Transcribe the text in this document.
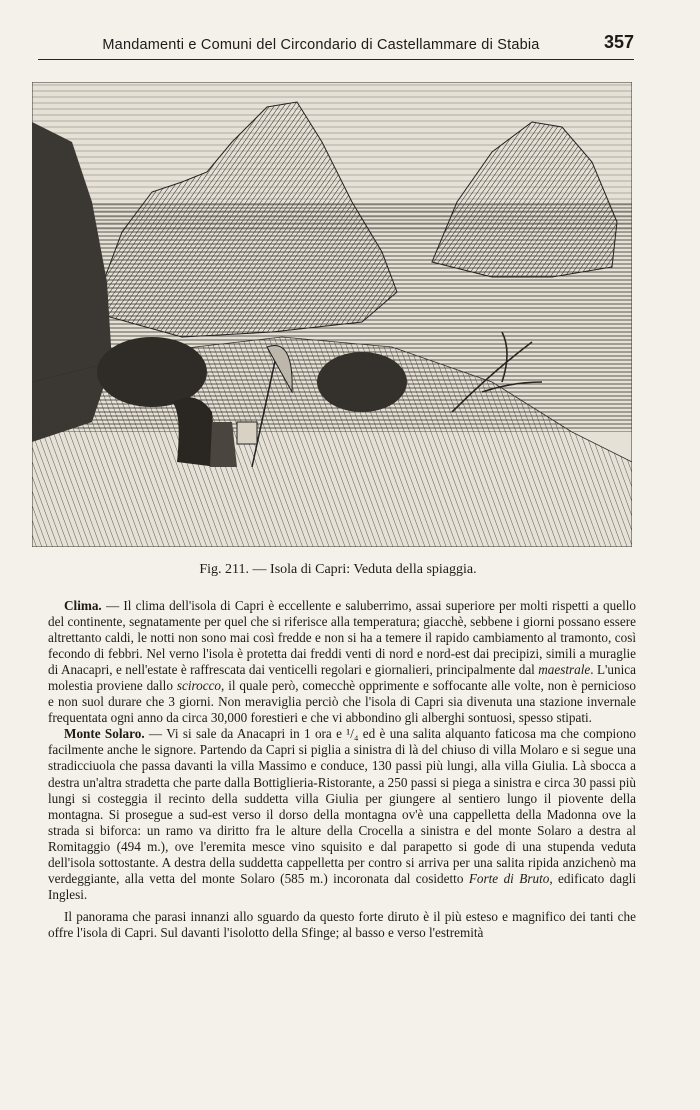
Mandamenti e Comuni del Circondario di Castellammare di Stabia	357
Fig. 211. — Isola di Capri: Veduta della spiaggia.

Clima. — Il clima dell'isola di Capri è eccellente e saluberrimo, assai superiore per molti rispetti a quello del continente, segnatamente per quel che si riferisce alla temperatura; giacchè, sebbene i giorni possano essere altrettanto caldi, le notti non sono mai così fredde e non si ha a temere il rapido cambiamento al tramonto, così fecondo di febbri. Nel verno l'isola è protetta dai freddi venti di nord e nord-est dai precipizi, simili a muraglie di Anacapri, e nell'estate è raffrescata dai venticelli regolari e giornalieri, principalmente dal maestrale. L'unica molestia proviene dallo scirocco, il quale però, comecchè opprimente e soffocante alle volte, non è pernicioso e non suol durare che 3 giorni. Non meraviglia perciò che l'isola di Capri sia divenuta una stazione invernale frequentata ogni anno da circa 30,000 forestieri e che vi abbondino gli alberghi sontuosi, spesso stipati.

Monte Solaro. — Vi si sale da Anacapri in 1 ora e ¹/₄ ed è una salita alquanto faticosa ma che compiono facilmente anche le signore. Partendo da Capri si piglia a sinistra di là del chiuso di villa Molaro e si segue una stradicciuola che passa davanti la villa Massimo e conduce, 130 passi più lungi, alla villa Giulia. Là sbocca a destra un'altra stradetta che parte dalla Bottiglieria-Ristorante, a 250 passi si piega a sinistra e circa 30 passi più lungi si costeggia il recinto della suddetta villa Giulia per giungere al sentiero lungo il piovente della montagna. Si prosegue a sud-est verso il dorso della montagna ov'è una cappelletta della Madonna ove la strada si biforca: un ramo va diritto fra le alture della Crocella a sinistra e del monte Solaro a destra al Romitaggio (494 m.), ove l'eremita mesce vino squisito e dal parapetto si gode di una stupenda veduta dell'isola sottostante. A destra della suddetta cappelletta per contro si arriva per una salita ripida anzichenò ma verdeggiante, alla vetta del monte Solaro (585 m.) incoronata dal cosidetto Forte di Bruto, edificato dagli Inglesi.

Il panorama che parasi innanzi allo sguardo da questo forte diruto è il più esteso e magnifico dei tanti che offre l'isola di Capri. Sul davanti l'isolotto della Sfinge; al basso e verso l'estremità
